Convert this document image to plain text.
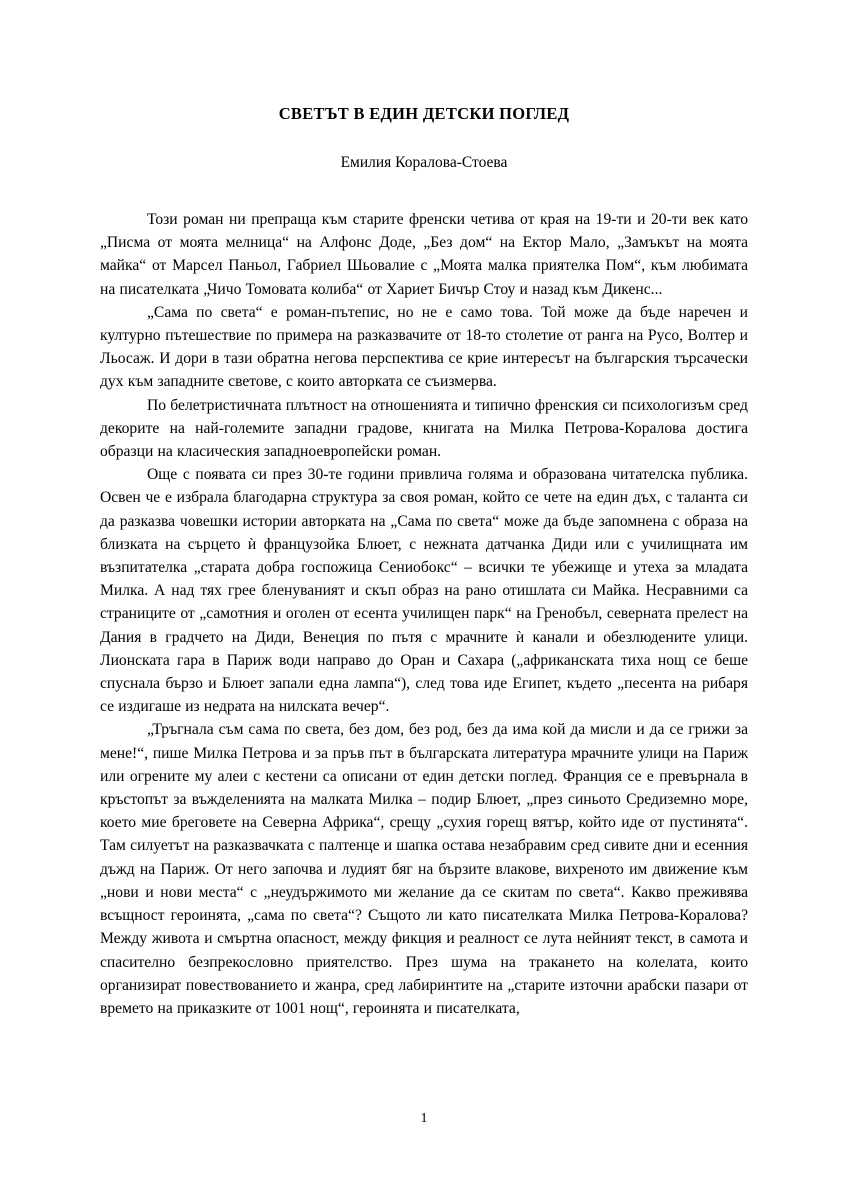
СВЕТЪТ В ЕДИН ДЕТСКИ ПОГЛЕД
Емилия Коралова-Стоева

Този роман ни препраща към старите френски четива от края на 19-ти и 20-ти век като „Писма от моята мелница“ на Алфонс Доде, „Без дом“ на Ектор Мало, „Замъкът на моята майка“ от Марсел Паньол, Габриел Шьовалие с „Моята малка приятелка Пом“, към любимата на писателката „Чичо Томовата колиба“ от Хариет Бичър Стоу и назад към Дикенс...

„Сама по света“ е роман-пътепис, но не е само това. Той може да бъде наречен и културно пътешествие по примера на разказвачите от 18-то столетие от ранга на Русо, Волтер и Льосаж. И дори в тази обратна негова перспектива се крие интересът на българския търсачески дух към западните светове, с които авторката се съизмерва.

По белетристичната плътност на отношенията и типично френския си психологизъм сред декорите на най-големите западни градове, книгата на Милка Петрова-Коралова достига образци на класическия западноевропейски роман.

Още с появата си през 30-те години привлича голяма и образована читателска публика. Освен че е избрала благодарна структура за своя роман, който се чете на един дъх, с таланта си да разказва човешки истории авторката на „Сама по света“ може да бъде запомнена с образа на близката на сърцето ѝ французойка Блюет, с нежната датчанка Диди или с училищната им възпитателка „старата добра госпожица Сениобокс“ – всички те убежище и утеха за младата Милка. А над тях грее бленуваният и скъп образ на рано отишлата си Майка. Несравними са страниците от „самотния и оголен от есента училищен парк“ на Гренобъл, северната прелест на Дания в градчето на Диди, Венеция по пътя с мрачните ѝ канали и обезлюдените улици. Лионската гара в Париж води направо до Оран и Сахара („африканската тиха нощ се беше спуснала бързо и Блюет запали една лампа“), след това иде Египет, където „песента на рибаря се издигаше из недрата на нилската вечер“.

„Тръгнала съм сама по света, без дом, без род, без да има кой да мисли и да се грижи за мене!“, пише Милка Петрова и за пръв път в българската литература мрачните улици на Париж или огрените му алеи с кестени са описани от един детски поглед. Франция се е превърнала в кръстопът за въжделенията на малката Милка – подир Блюет, „през синьото Средиземно море, което мие бреговете на Северна Африка“, срещу „сухия горещ вятър, който иде от пустинята“. Там силуетът на разказвачката с палтенце и шапка остава незабравим сред сивите дни и есенния дъжд на Париж. От него започва и лудият бяг на бързите влакове, вихреното им движение към „нови и нови места“ с „неудържимото ми желание да се скитам по света“. Какво преживява всъщност героинята, „сама по света“? Същото ли като писателката Милка Петрова-Коралова? Между живота и смъртна опасност, между фикция и реалност се лута нейният текст, в самота и спасително безпрекословно приятелство. През шума на тракането на колелата, които организират повествованието и жанра, сред лабиринтите на „старите източни арабски пазари от времето на приказките от 1001 нощ“, героинята и писателката,

1
